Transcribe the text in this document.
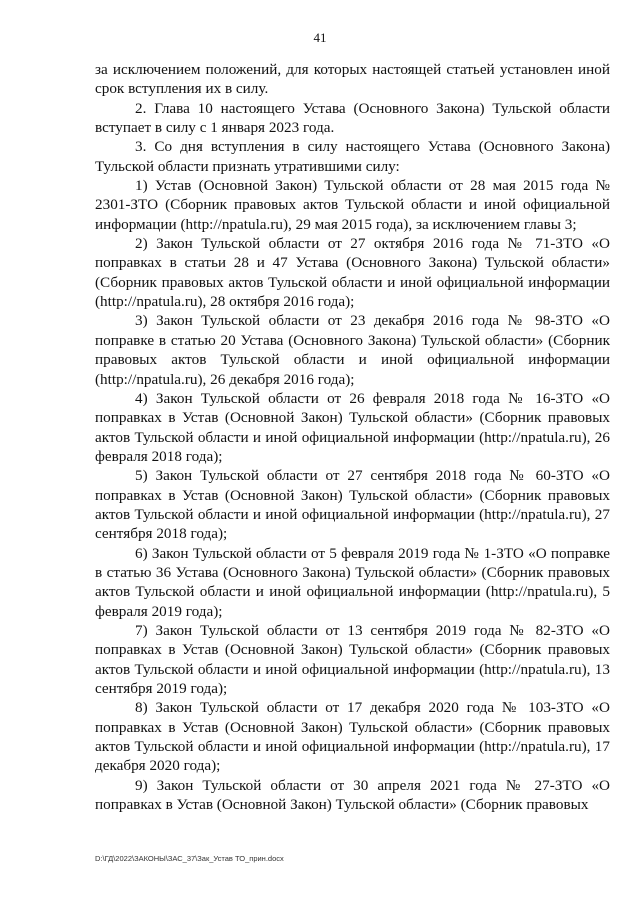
41

за исключением положений, для которых настоящей статьей установлен иной срок вступления их в силу.

2. Глава 10 настоящего Устава (Основного Закона) Тульской области вступает в силу с 1 января 2023 года.

3. Со дня вступления в силу настоящего Устава (Основного Закона) Тульской области признать утратившими силу:

1) Устав (Основной Закон) Тульской области от 28 мая 2015 года № 2301-ЗТО (Сборник правовых актов Тульской области и иной официальной информации (http://npatula.ru), 29 мая 2015 года), за исключением главы 3;

2) Закон Тульской области от 27 октября 2016 года № 71-ЗТО «О поправках в статьи 28 и 47 Устава (Основного Закона) Тульской области» (Сборник правовых актов Тульской области и иной официальной информации (http://npatula.ru), 28 октября 2016 года);

3) Закон Тульской области от 23 декабря 2016 года № 98-ЗТО «О поправке в статью 20 Устава (Основного Закона) Тульской области» (Сборник правовых актов Тульской области и иной официальной информации (http://npatula.ru), 26 декабря 2016 года);

4) Закон Тульской области от 26 февраля 2018 года № 16-ЗТО «О поправках в Устав (Основной Закон) Тульской области» (Сборник правовых актов Тульской области и иной официальной информации (http://npatula.ru), 26 февраля 2018 года);

5) Закон Тульской области от 27 сентября 2018 года № 60-ЗТО «О поправках в Устав (Основной Закон) Тульской области» (Сборник правовых актов Тульской области и иной официальной информации (http://npatula.ru), 27 сентября 2018 года);

6) Закон Тульской области от 5 февраля 2019 года № 1-ЗТО «О поправке в статью 36 Устава (Основного Закона) Тульской области» (Сборник правовых актов Тульской области и иной официальной информации (http://npatula.ru), 5 февраля 2019 года);

7) Закон Тульской области от 13 сентября 2019 года № 82-ЗТО «О поправках в Устав (Основной Закон) Тульской области» (Сборник правовых актов Тульской области и иной официальной информации (http://npatula.ru), 13 сентября 2019 года);

8) Закон Тульской области от 17 декабря 2020 года № 103-ЗТО «О поправках в Устав (Основной Закон) Тульской области» (Сборник правовых актов Тульской области и иной официальной информации (http://npatula.ru), 17 декабря 2020 года);

9) Закон Тульской области от 30 апреля 2021 года № 27-ЗТО «О поправках в Устав (Основной Закон) Тульской области» (Сборник правовых

D:\ГД\2022\ЗАКОНЫ\ЗАС_37\Зак_Устав ТО_прин.docx
